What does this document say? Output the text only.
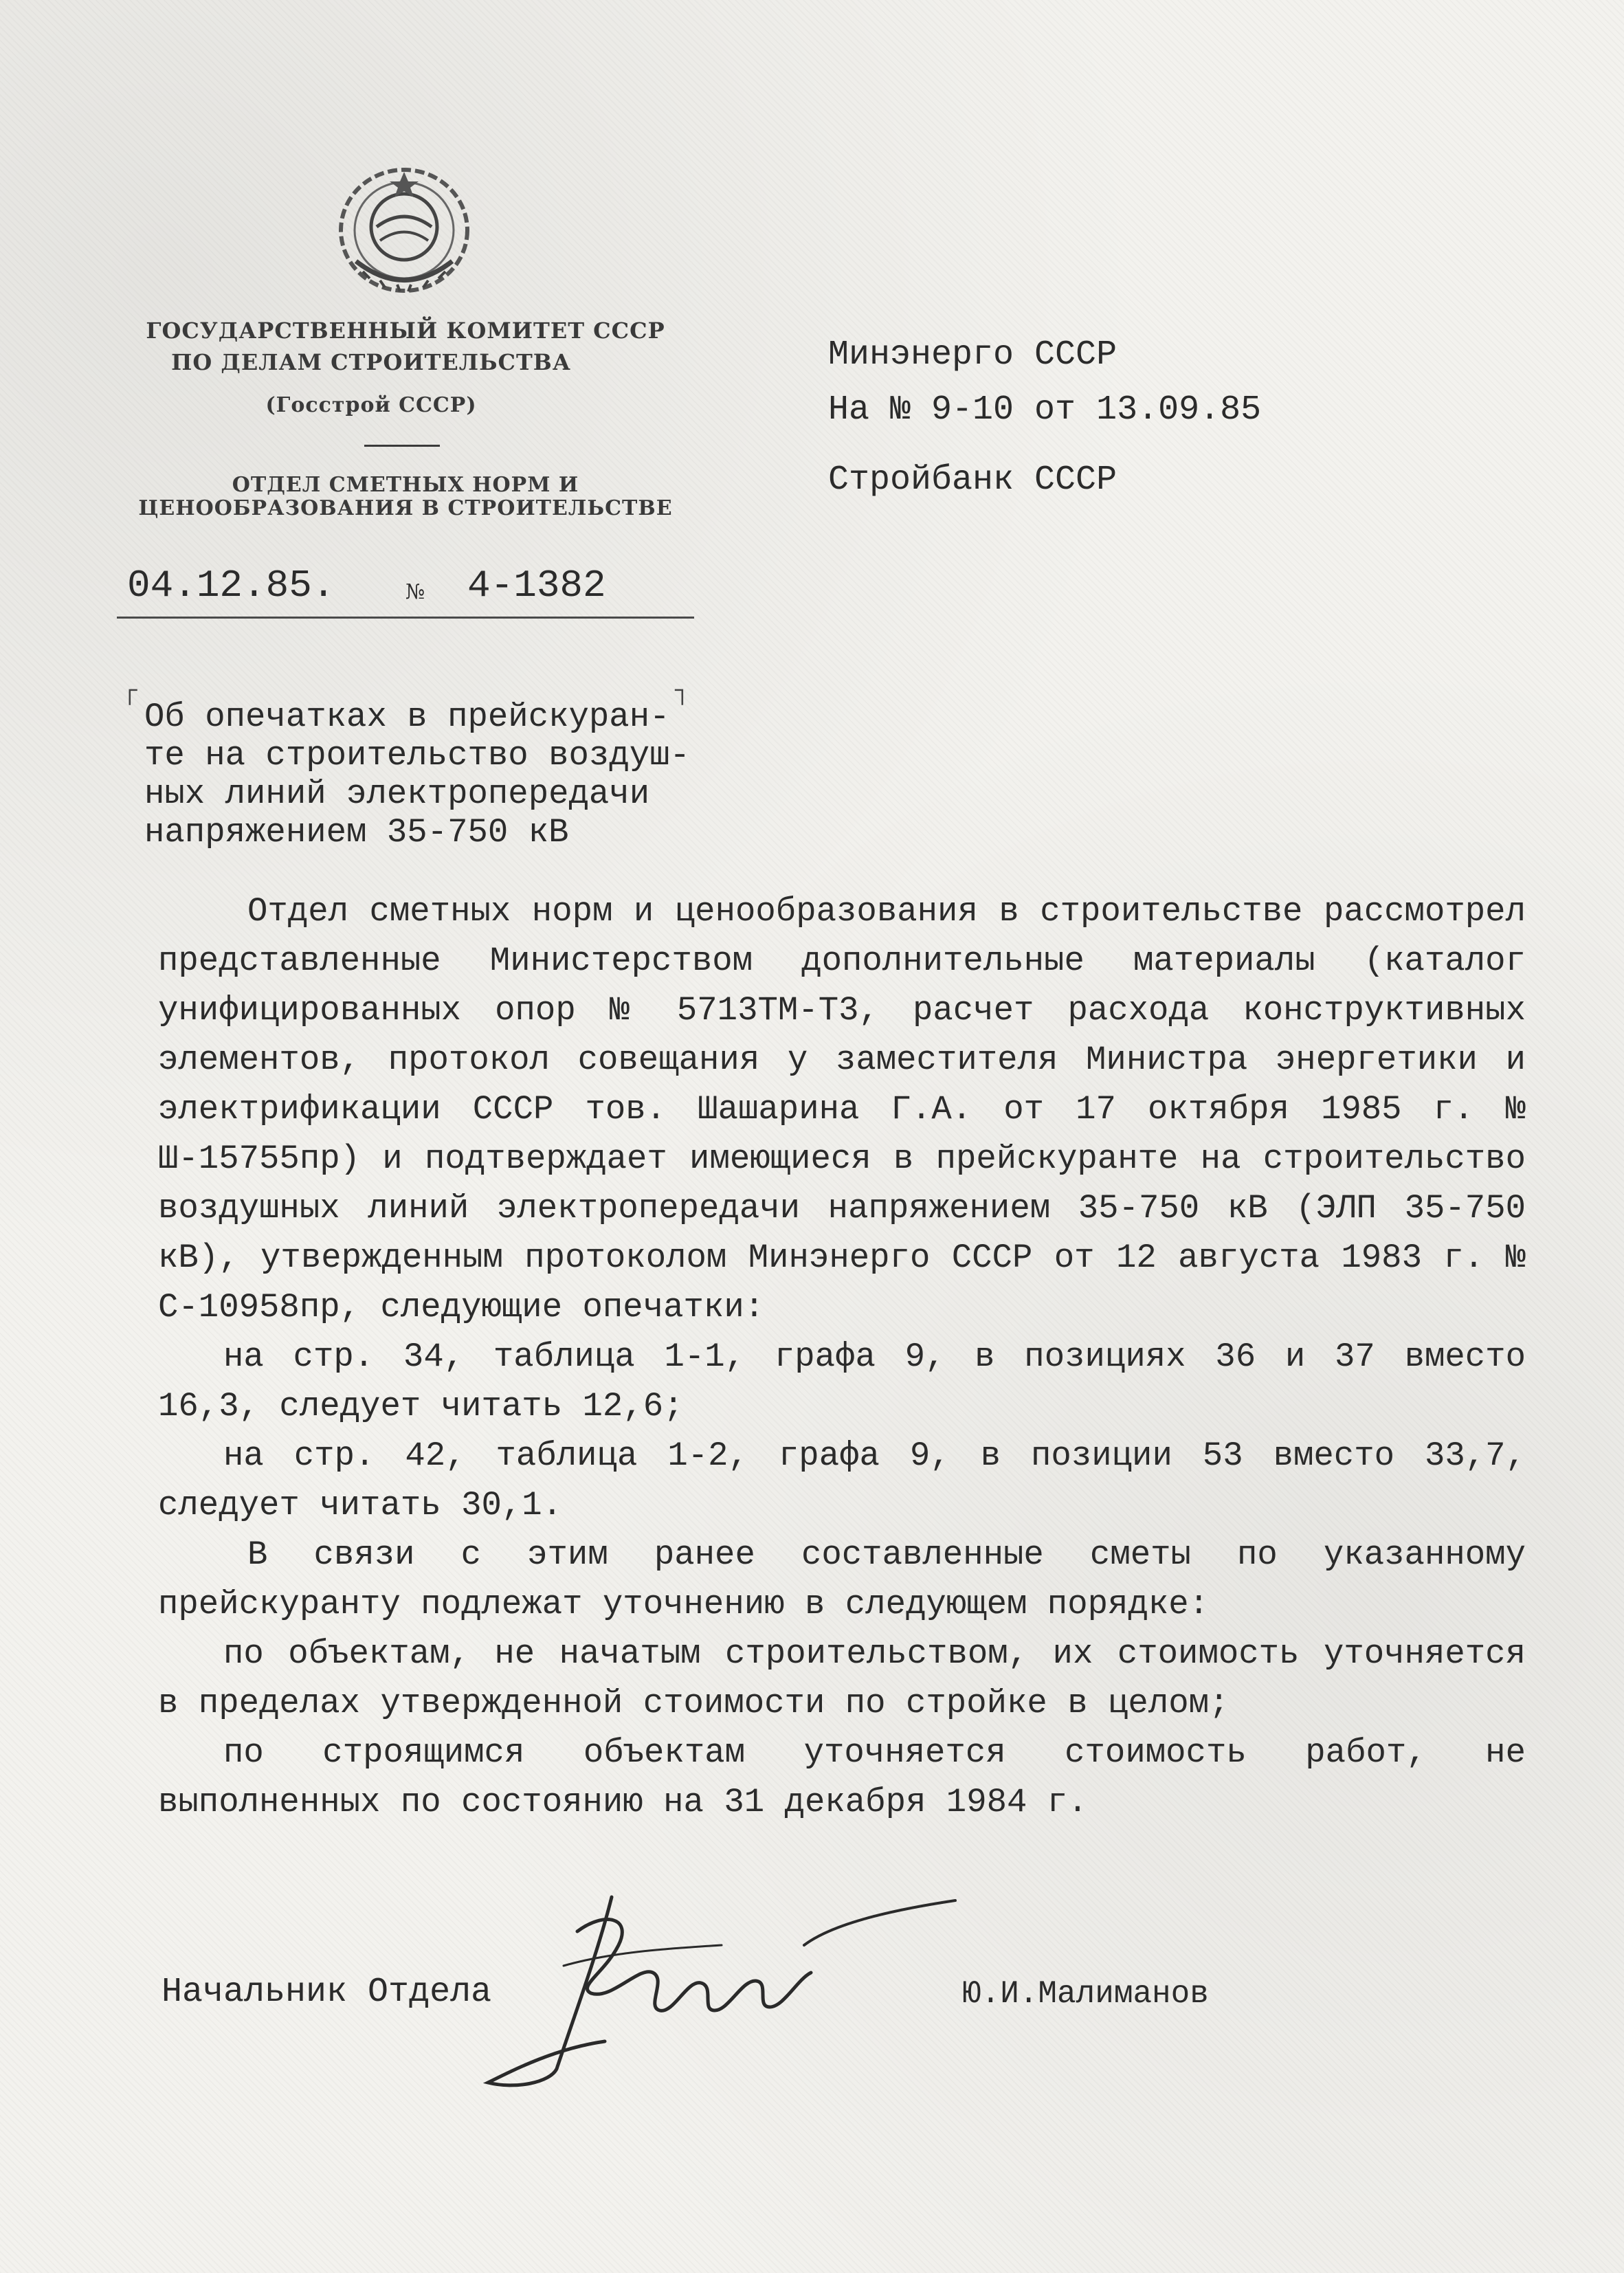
ГОСУДАРСТВЕННЫЙ КОМИТЕТ СССР
ПО ДЕЛАМ СТРОИТЕЛЬСТВА
(Госстрой СССР)
ОТДЕЛ СМЕТНЫХ НОРМ И
ЦЕНООБРАЗОВАНИЯ В СТРОИТЕЛЬСТВЕ
04.12.85.	№ 4-1382
Минэнерго СССР
На № 9-10 от 13.09.85
Стройбанк СССР
┌	┐
Об опечатках в прейскуран-
те на строительство воздуш-
ных линий электропередачи
напряжением 35-750 кВ

Отдел сметных норм и ценообразования в строительстве рассмотрел представленные Министерством дополнительные материалы (каталог унифицированных опор № 5713ТМ-Т3, расчет расхода конструктивных элементов, протокол совещания у заместителя Министра энергетики и электрификации СССР тов. Шашарина Г.А. от 17 октября 1985 г. № Ш-15755пр) и подтверждает имеющиеся в прейскуранте на строительство воздушных линий электропередачи напряжением 35-750 кВ (ЭЛП 35-750 кВ), утвержденным протоколом Минэнерго СССР от 12 августа 1983 г. № С-10958пр, следующие опечатки:

на стр. 34, таблица 1-1, графа 9, в позициях 36 и 37 вместо 16,3, следует читать 12,6;

на стр. 42, таблица 1-2, графа 9, в позиции 53 вместо 33,7, следует читать 30,1.

В связи с этим ранее составленные сметы по указанному прейскуранту подлежат уточнению в следующем порядке:

по объектам, не начатым строительством, их стоимость уточняется в пределах утвержденной стоимости по стройке в целом;

по строящимся объектам уточняется стоимость работ, не выполненных по состоянию на 31 декабря 1984 г.

Начальник Отдела	Ю.И.Малиманов
